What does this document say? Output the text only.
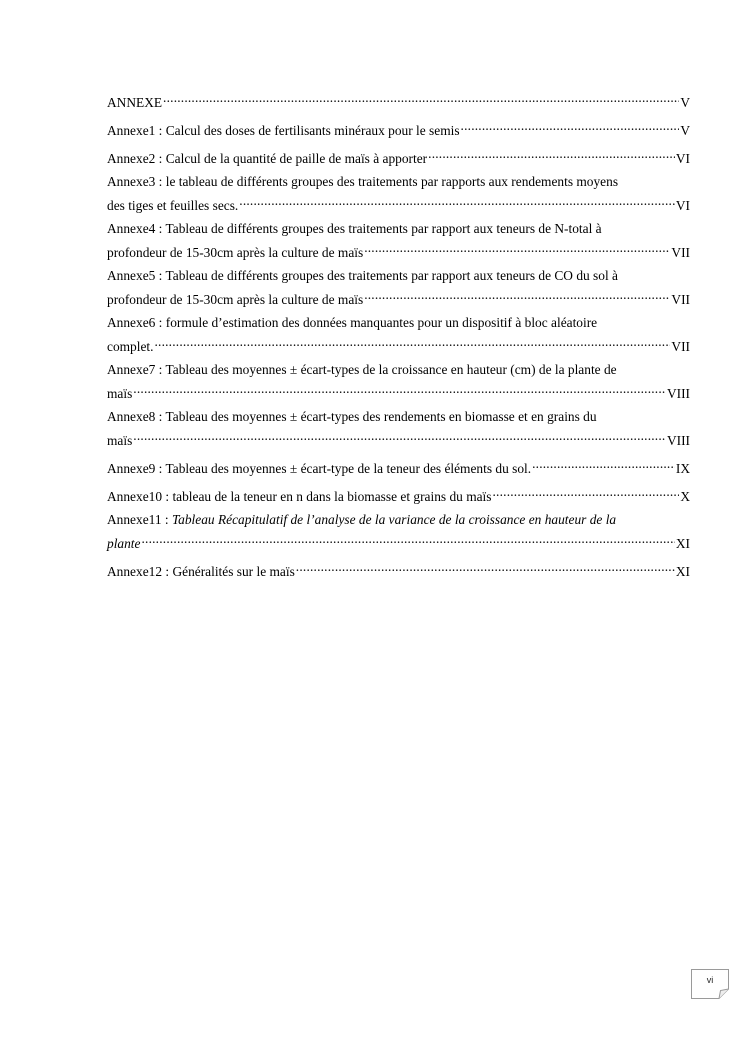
ANNEXE .....	V
Annexe1 : Calcul des doses de fertilisants minéraux pour le semis .....	V
Annexe2 : Calcul de la quantité de paille de maïs à apporter .....	VI
Annexe3 : le tableau de différents groupes des traitements par rapports aux rendements moyens
des tiges et feuilles secs. .....	VI
Annexe4 : Tableau de différents groupes des traitements par rapport aux teneurs de N-total à
profondeur de 15-30cm après la culture de maïs .....	VII
Annexe5 : Tableau de différents groupes des traitements par rapport aux teneurs de CO du sol à
profondeur de 15-30cm après la culture de maïs .....	VII
Annexe6 : formule d’estimation des données manquantes pour un dispositif à bloc aléatoire
complet. .....	VII
Annexe7 : Tableau des moyennes ± écart-types de la croissance en hauteur (cm) de la plante de
maïs .....	VIII
Annexe8 : Tableau des moyennes ± écart-types des rendements en biomasse et en grains du
maïs .....	VIII
Annexe9 : Tableau des moyennes ± écart-type de la teneur des éléments du sol. .....	IX
Annexe10 : tableau de la teneur en n dans la biomasse et grains du maïs .....	X
Annexe11 : Tableau Récapitulatif de l’analyse de la variance de la croissance en hauteur de la
plante .....	XI
Annexe12 : Généralités sur le maïs .....	XI
vi
